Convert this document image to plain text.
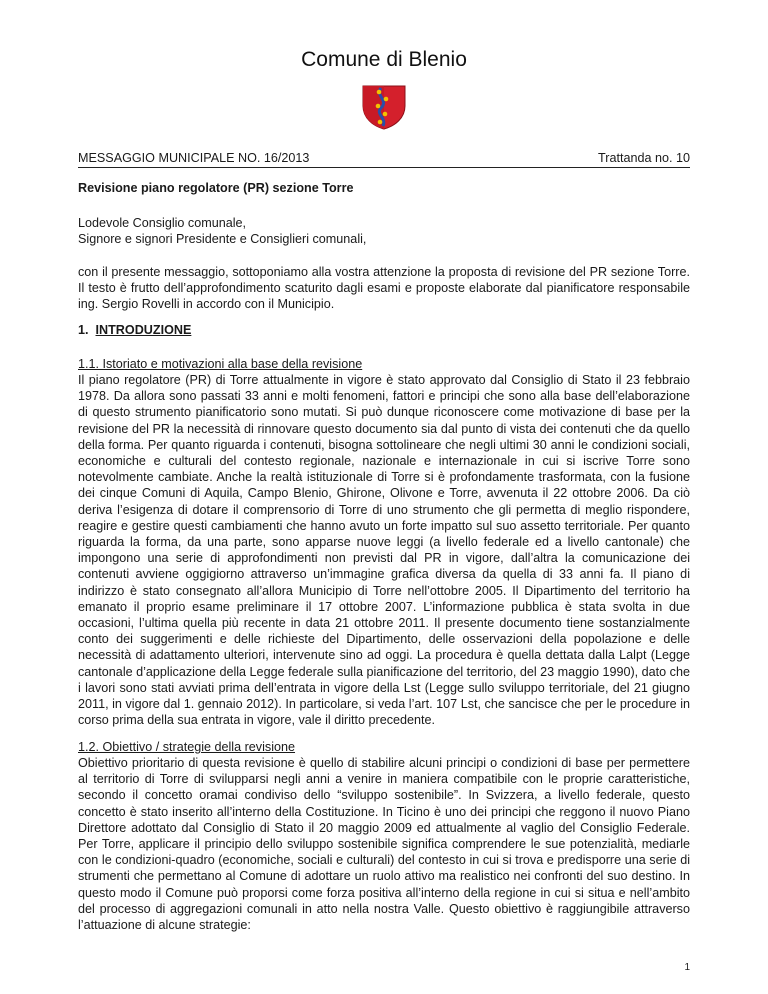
Comune di Blenio
MESSAGGIO MUNICIPALE NO. 16/2013	Trattanda no. 10
Revisione piano regolatore (PR) sezione Torre
Lodevole Consiglio comunale,
Signore e signori Presidente e Consiglieri comunali,
con il presente messaggio, sottoponiamo alla vostra attenzione la proposta di revisione del PR sezione Torre. Il testo è frutto dell’approfondimento scaturito dagli esami e proposte elaborate dal pianificatore responsabile ing. Sergio Rovelli in accordo con il Municipio.
1. INTRODUZIONE
1.1. Istoriato e motivazioni alla base della revisione
Il piano regolatore (PR) di Torre attualmente in vigore è stato approvato dal Consiglio di Stato il 23 febbraio 1978. Da allora sono passati 33 anni e molti fenomeni, fattori e principi che sono alla base dell’elaborazione di questo strumento pianificatorio sono mutati. Si può dunque riconoscere come motivazione di base per la revisione del PR la necessità di rinnovare questo documento sia dal punto di vista dei contenuti che da quello della forma. Per quanto riguarda i contenuti, bisogna sottolineare che negli ultimi 30 anni le condizioni sociali, economiche e culturali del contesto regionale, nazionale e internazionale in cui si iscrive Torre sono notevolmente cambiate. Anche la realtà istituzionale di Torre si è profondamente trasformata, con la fusione dei cinque Comuni di Aquila, Campo Blenio, Ghirone, Olivone e Torre, avvenuta il 22 ottobre 2006. Da ciò deriva l’esigenza di dotare il comprensorio di Torre di uno strumento che gli permetta di meglio rispondere, reagire e gestire questi cambiamenti che hanno avuto un forte impatto sul suo assetto territoriale. Per quanto riguarda la forma, da una parte, sono apparse nuove leggi (a livello federale ed a livello cantonale) che impongono una serie di approfondimenti non previsti dal PR in vigore, dall’altra la comunicazione dei contenuti avviene oggigiorno attraverso un’immagine grafica diversa da quella di 33 anni fa. Il piano di indirizzo è stato consegnato all’allora Municipio di Torre nell’ottobre 2005. Il Dipartimento del territorio ha emanato il proprio esame preliminare il 17 ottobre 2007. L’informazione pubblica è stata svolta in due occasioni, l’ultima quella più recente in data 21 ottobre 2011. Il presente documento tiene sostanzialmente conto dei suggerimenti e delle richieste del Dipartimento, delle osservazioni della popolazione e delle necessità di adattamento ulteriori, intervenute sino ad oggi. La procedura è quella dettata dalla Lalpt (Legge cantonale d’applicazione della Legge federale sulla pianificazione del territorio, del 23 maggio 1990), dato che i lavori sono stati avviati prima dell’entrata in vigore della Lst (Legge sullo sviluppo territoriale, del 21 giugno 2011, in vigore dal 1. gennaio 2012). In particolare, si veda l’art. 107 Lst, che sancisce che per le procedure in corso prima della sua entrata in vigore, vale il diritto precedente.
1.2. Obiettivo / strategie della revisione
Obiettivo prioritario di questa revisione è quello di stabilire alcuni principi o condizioni di base per permettere al territorio di Torre di svilupparsi negli anni a venire in maniera compatibile con le proprie caratteristiche, secondo il concetto oramai condiviso dello “sviluppo sostenibile”. In Svizzera, a livello federale, questo concetto è stato inserito all’interno della Costituzione. In Ticino è uno dei principi che reggono il nuovo Piano Direttore adottato dal Consiglio di Stato il 20 maggio 2009 ed attualmente al vaglio del Consiglio Federale. Per Torre, applicare il principio dello sviluppo sostenibile significa comprendere le sue potenzialità, mediarle con le condizioni-quadro (economiche, sociali e culturali) del contesto in cui si trova e predisporre una serie di strumenti che permettano al Comune di adottare un ruolo attivo ma realistico nei confronti del suo destino. In questo modo il Comune può proporsi come forza positiva all’interno della regione in cui si situa e nell’ambito del processo di aggregazioni comunali in atto nella nostra Valle. Questo obiettivo è raggiungibile attraverso l’attuazione di alcune strategie:
1
